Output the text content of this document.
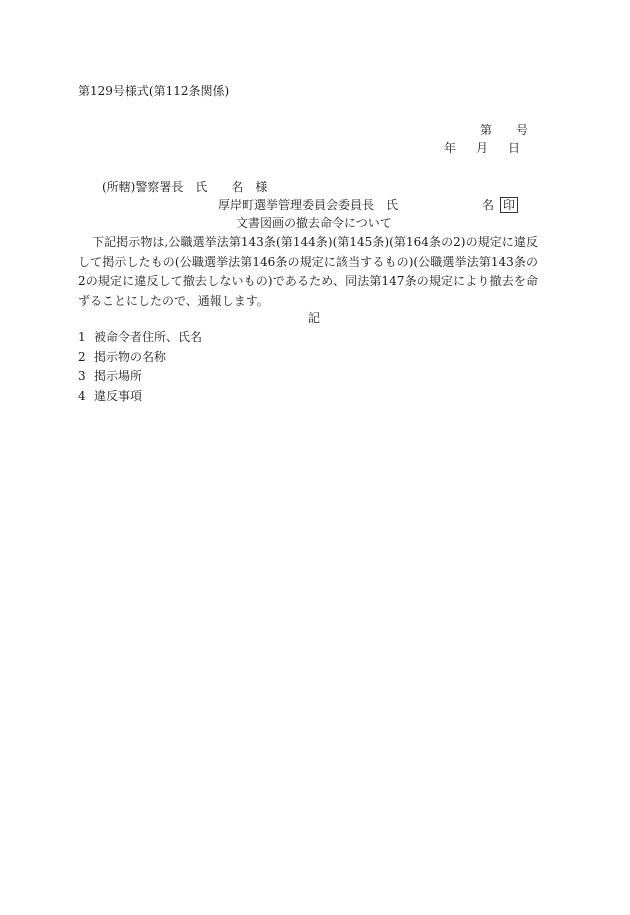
第129号様式(第112条関係)
第 号
年 月 日
(所轄)警察署長 氏 名 様
厚岸町選挙管理委員会委員長 氏	名 印
文書図画の撤去命令について
下記掲示物は,公職選挙法第143条(第144条)(第145条)(第164条の2)の規定に違反して掲示したもの(公職選挙法第146条の規定に該当するもの)(公職選挙法第143条の2の規定に違反して撤去しないもの)であるため、同法第147条の規定により撤去を命ずることにしたので、通報します。
記
1 被命令者住所、氏名
2 掲示物の名称
3 掲示場所
4 違反事項
